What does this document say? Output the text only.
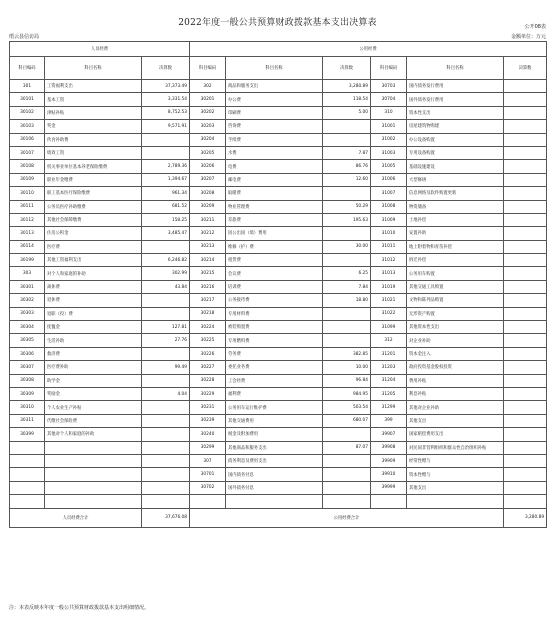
2022年度一般公共预算财政拨款基本支出决算表	公开08表
缙云县信访局	金额单位：万元
人员经费			公用经费					
科目编码	科目名称	决算数	科目编码	科目名称	决算数	科目编码	科目名称	决算数
301	工资福利支出	37,373.49	302	商品和服务支出	3,280.89	30703	国内债务发行费用	
30101	基本工资	3,331.54	30201	办公费	118.54	30704	国外债务发行费用	
30102	津贴补贴	8,752.53	30202	印刷费	5.00	310	资本性支出	
30103	奖金	9,571.91	30203	咨询费		31001	房屋建筑物购建	
30106	伙食补助费		30204	手续费		31002	办公设备购置	
30107	绩效工资		30205	水费	7.87	31003	专用设备购置	
30108	机关事业单位基本养老保险缴费	2,789.36	30206	电费	86.76	31005	基础设施建设	
30109	职业年金缴费	1,394.67	30207	邮电费	12.60	31006	大型修缮	
30110	职工基本医疗保险缴费	961.34	30208	取暖费		31007	信息网络及软件购置更新	
30111	公务员医疗补助缴费	681.52	30209	物业管理费	50.29	31008	物资储备	
30112	其他社会保障缴费	158.25	30211	差旅费	195.63	31009	土地补偿	
30113	住房公积金	3,485.47	30212	因公出国（境）费用		31010	安置补助	
30114	医疗费		30213	维修（护）费	30.00	31011	地上附着物和青苗补偿	
30199	其他工资福利支出	6,246.82	30214	租赁费		31012	拆迁补偿	
303	对个人和家庭的补助	302.99	30215	会议费	6.25	31013	公务用车购置	
30301	离休费	43.84	30216	培训费	7.84	31019	其他交通工具购置	
30302	退休费		30217	公务接待费	18.80	31021	文物和陈列品购置	
30303	退职（役）费		30218	专用材料费		31022	无形资产购置	
30304	抚恤金	127.81	30224	被装购置费		31099	其他资本性支出	
30305	生活补助	27.76	30225	专用燃料费		312	对企业补助	
30306	救济费		30226	劳务费	382.85	31201	资本金注入	
30307	医疗费补助	99.49	30227	委托业务费	10.00	31203	政府投资基金股权投资	
30308	助学金		30228	工会经费	96.84	31204	费用补贴	
30309	奖励金	4.04	30229	福利费	984.95	31205	利息补贴	
30310	个人农业生产补贴		30231	公务用车运行维护费	503.54	31299	其他对企业补助	
30311	代缴社会保险费		30239	其他交通费用	680.07	399	其他支出	
30399	其他对个人和家庭的补助		30240	税金及附加费用		39907	国家赔偿费用支出	
			30299	其他商品和服务支出	87.07	39908	对民间非营利组织和群众性自治组织补贴	
			307	债务利息及费用支出		39909	经常性赠与	
			30701	国内债务付息		39910	资本性赠与	
			30702	国外债务付息		39999	其他支出	

人员经费合计		37,676.08	公用经费合计					3,280.89
注：本表反映本年度一般公共预算财政拨款基本支出明细情况。
